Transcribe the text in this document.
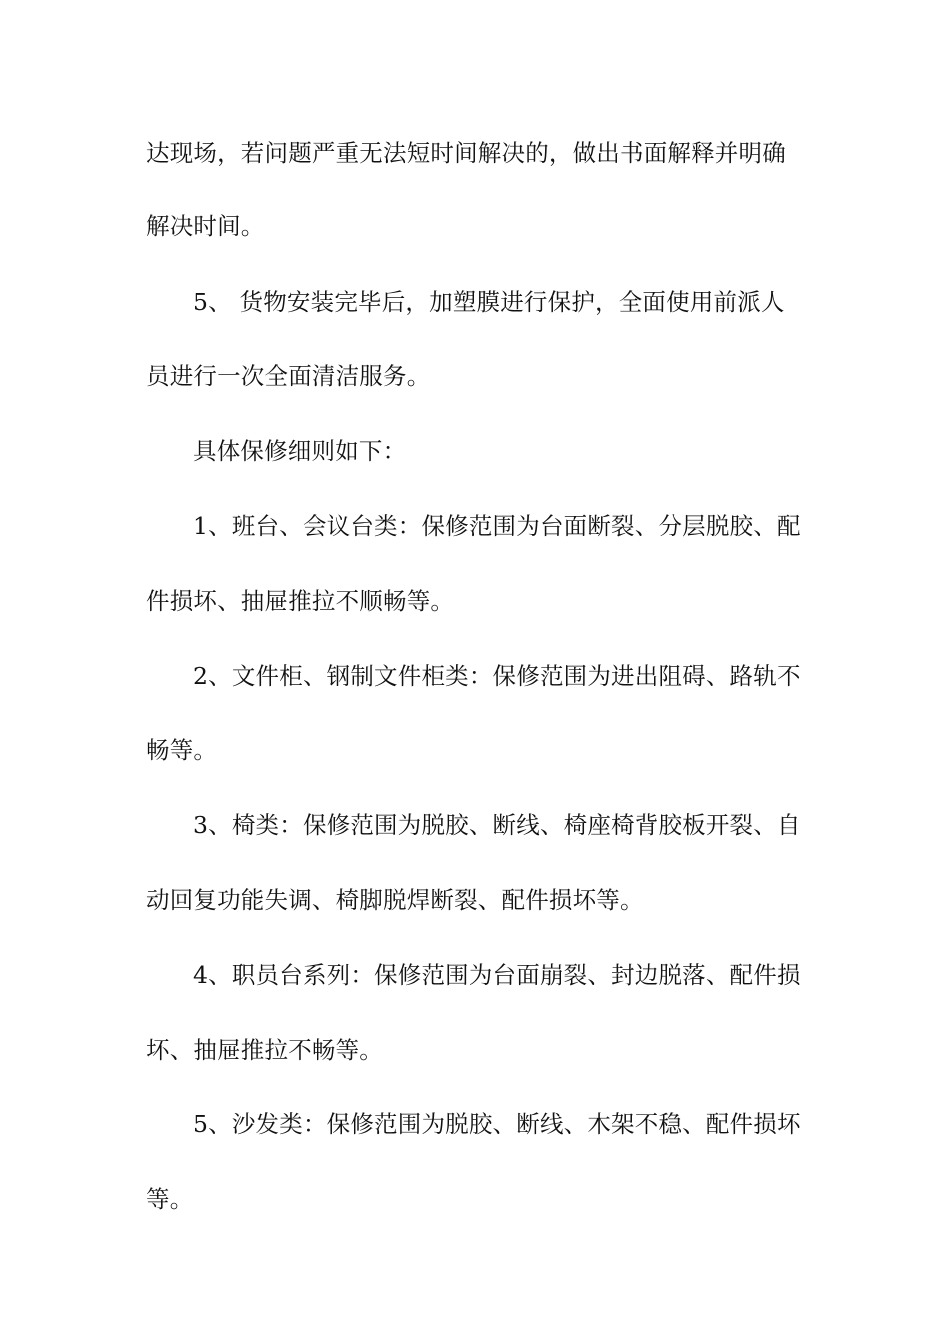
达现场，若问题严重无法短时间解决的，做出书面解释并明确
解决时间。
5、 货物安装完毕后，加塑膜进行保护，全面使用前派人
员进行一次全面清洁服务。
具体保修细则如下：
1、班台、会议台类：保修范围为台面断裂、分层脱胶、配
件损坏、抽屉推拉不顺畅等。
2、文件柜、钢制文件柜类：保修范围为进出阻碍、路轨不
畅等。
3、椅类：保修范围为脱胶、断线、椅座椅背胶板开裂、自
动回复功能失调、椅脚脱焊断裂、配件损坏等。
4、职员台系列：保修范围为台面崩裂、封边脱落、配件损
坏、抽屉推拉不畅等。
5、沙发类：保修范围为脱胶、断线、木架不稳、配件损坏
等。
